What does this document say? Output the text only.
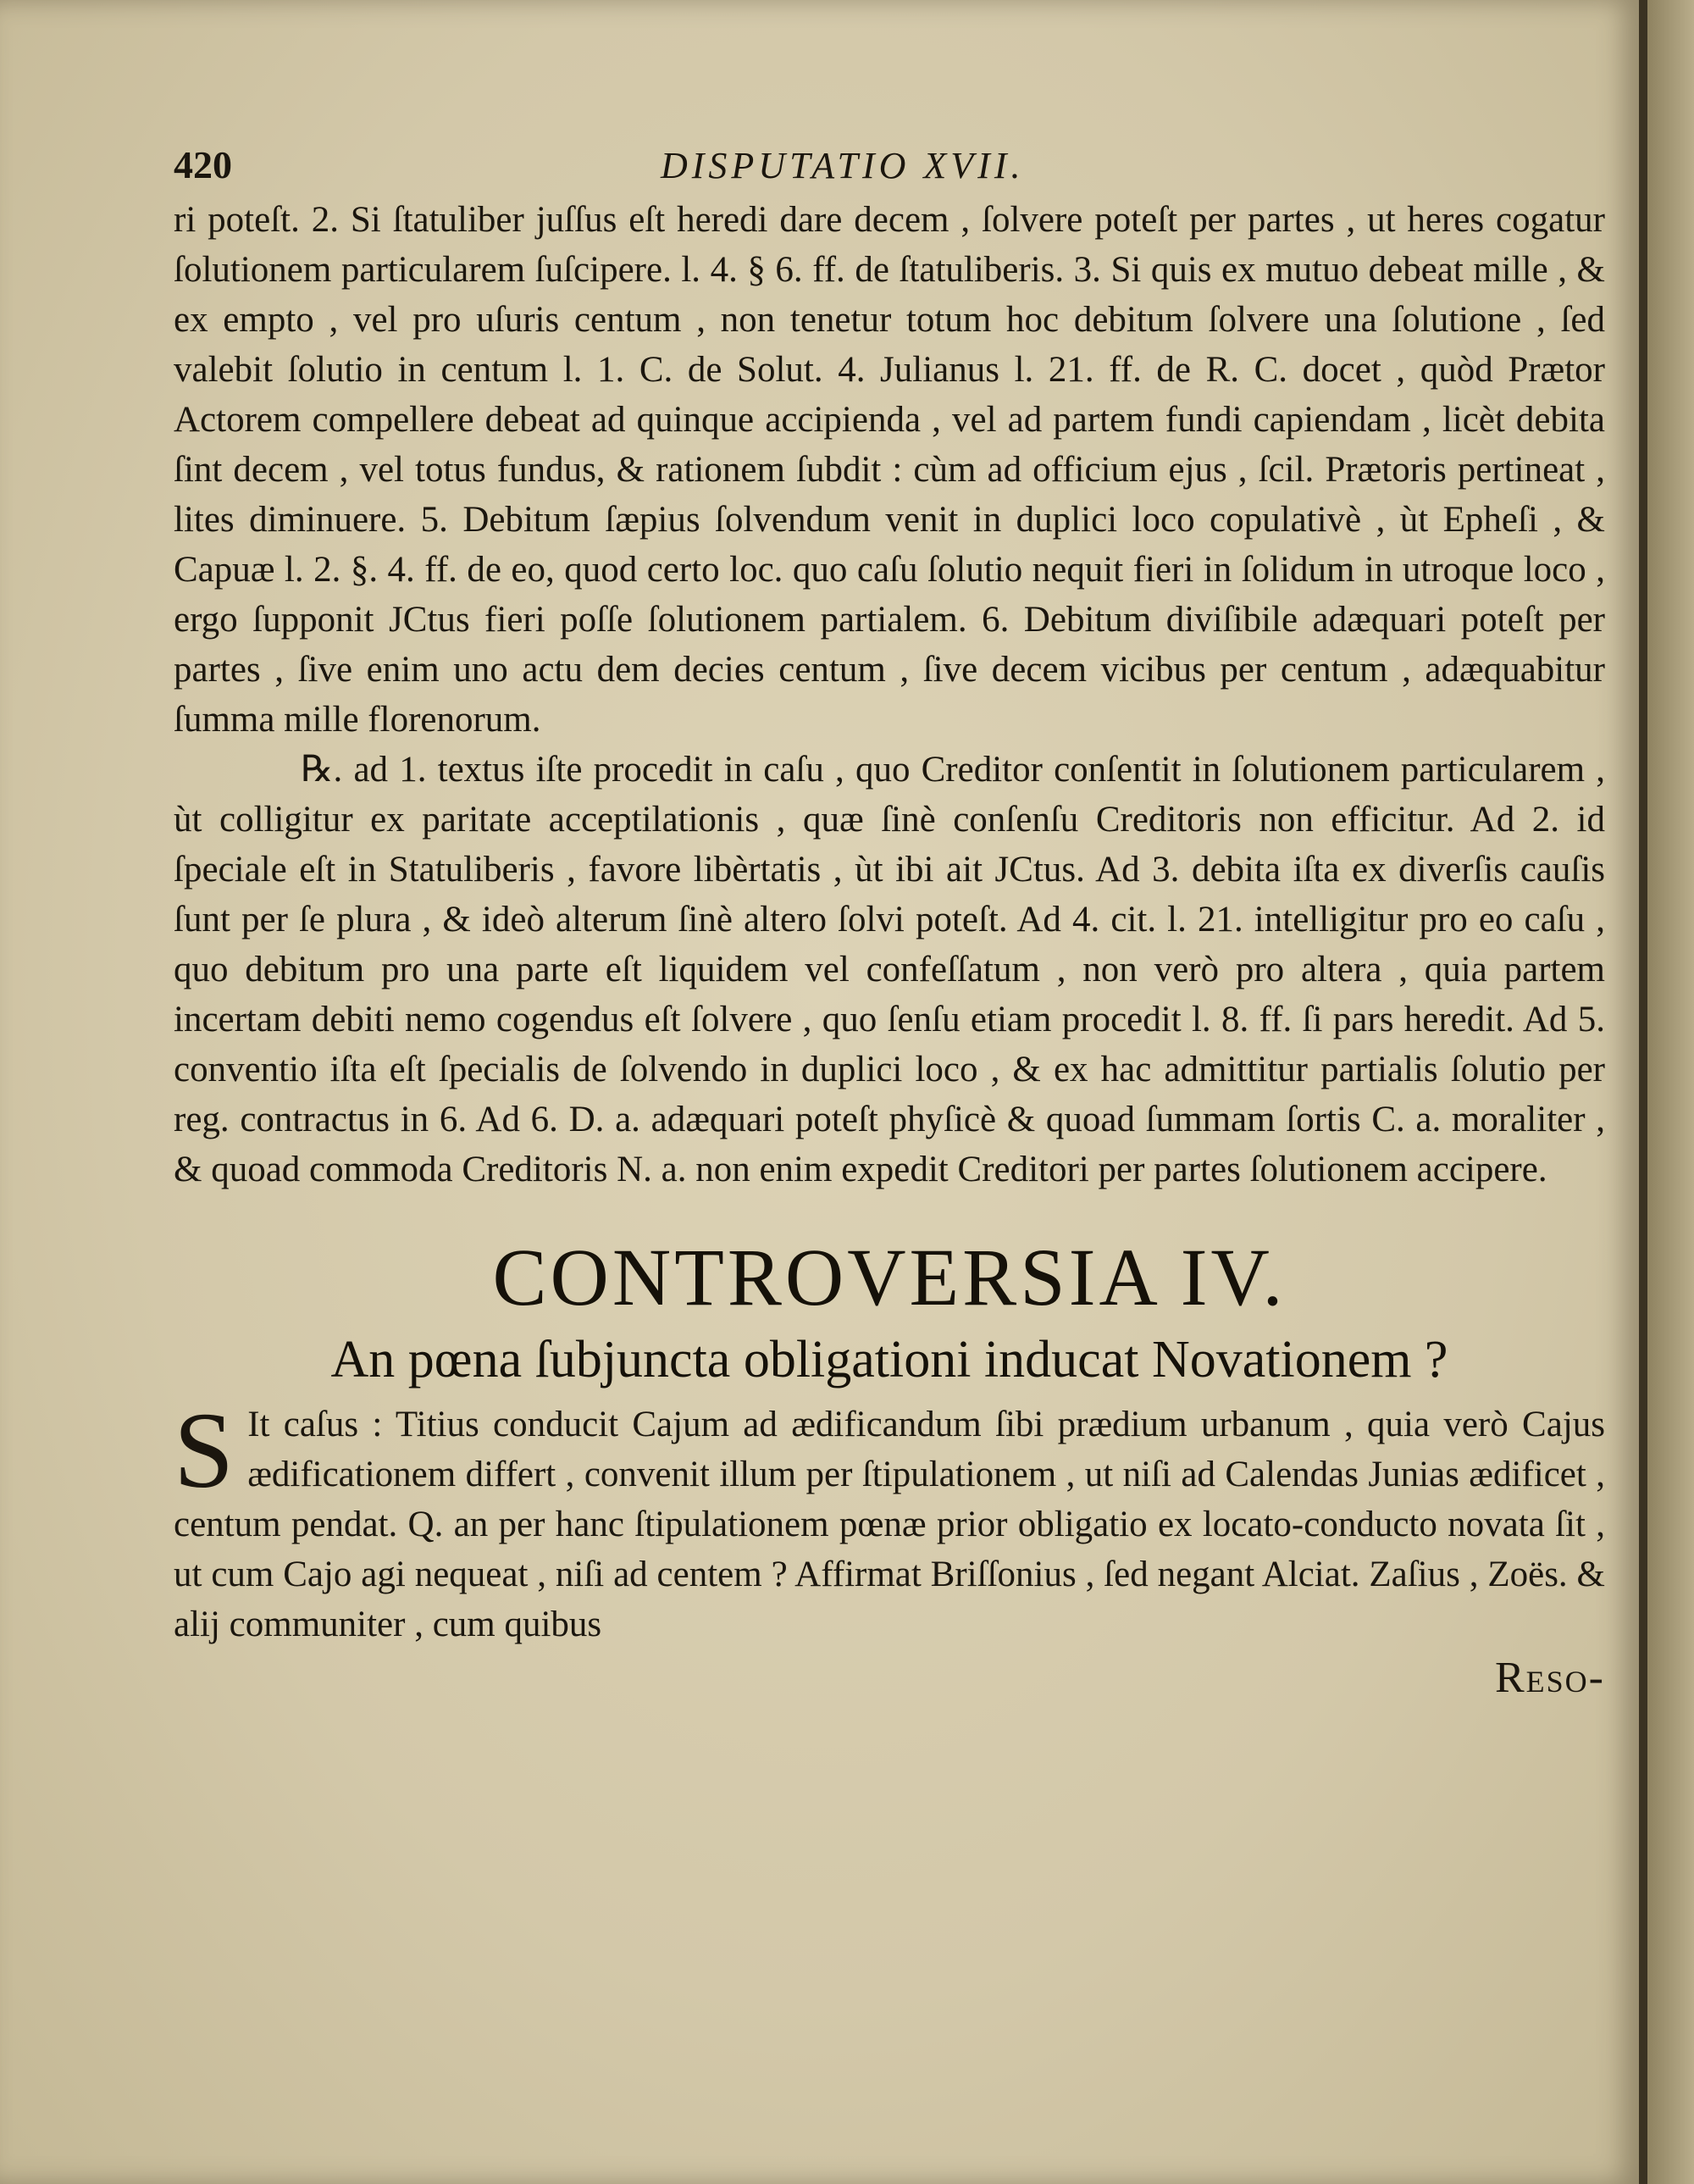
420	DISPUTATIO XVII.

ri poteſt. 2. Si ſtatuliber juſſus eſt heredi dare decem , ſolvere poteſt per partes , ut heres cogatur ſolutionem particularem ſuſcipere. l. 4. § 6. ff. de ſtatuliberis. 3. Si quis ex mutuo debeat mille , & ex empto , vel pro uſuris centum , non tenetur totum hoc debitum ſolvere una ſolutione , ſed valebit ſolutio in centum l. 1. C. de Solut. 4. Julianus l. 21. ff. de R. C. docet , quòd Prætor Actorem compellere debeat ad quinque accipienda , vel ad partem fundi capiendam , licèt debita ſint decem , vel totus fundus, & rationem ſubdit : cùm ad officium ejus , ſcil. Prætoris pertineat , lites diminuere. 5. Debitum ſæpius ſolvendum venit in duplici loco copulativè , ùt Epheſi , & Capuæ l. 2. §. 4. ff. de eo, quod certo loc. quo caſu ſolutio nequit fieri in ſolidum in utroque loco , ergo ſupponit JCtus fieri poſſe ſolutionem partialem. 6. Debitum diviſibile adæquari poteſt per partes , ſive enim uno actu dem decies centum , ſive decem vicibus per centum , adæquabitur ſumma mille florenorum.

℞. ad 1. textus iſte procedit in caſu , quo Creditor conſentit in ſolutionem particularem , ùt colligitur ex paritate acceptilationis , quæ ſinè conſenſu Creditoris non efficitur. Ad 2. id ſpeciale eſt in Statuliberis , favore libèrtatis , ùt ibi ait JCtus. Ad 3. debita iſta ex diverſis cauſis ſunt per ſe plura , & ideò alterum ſinè altero ſolvi poteſt. Ad 4. cit. l. 21. intelligitur pro eo caſu , quo debitum pro una parte eſt liquidem vel confeſſatum , non verò pro altera , quia partem incertam debiti nemo cogendus eſt ſolvere , quo ſenſu etiam procedit l. 8. ff. ſi pars heredit. Ad 5. conventio iſta eſt ſpecialis de ſolvendo in duplici loco , & ex hac admittitur partialis ſolutio per reg. contractus in 6. Ad 6. D. a. adæquari poteſt phyſicè & quoad ſummam ſortis C. a. moraliter , & quoad commoda Creditoris N. a. non enim expedit Creditori per partes ſolutionem accipere.

CONTROVERSIA IV.
An pœna ſubjuncta obligationi inducat Novationem ?
S It caſus : Titius conducit Cajum ad ædificandum ſibi prædium urbanum , quia verò Cajus ædificationem differt , convenit illum per ſtipulationem , ut niſi ad Calendas Junias ædificet , centum pendat. Q. an per hanc ſtipulationem pœnæ prior obligatio ex locato-conducto novata ſit , ut cum Cajo agi nequeat , niſi ad centem ? Affirmat Briſſonius , ſed negant Alciat. Zaſius , Zoës. & alij communiter , cum quibus
Reso-
